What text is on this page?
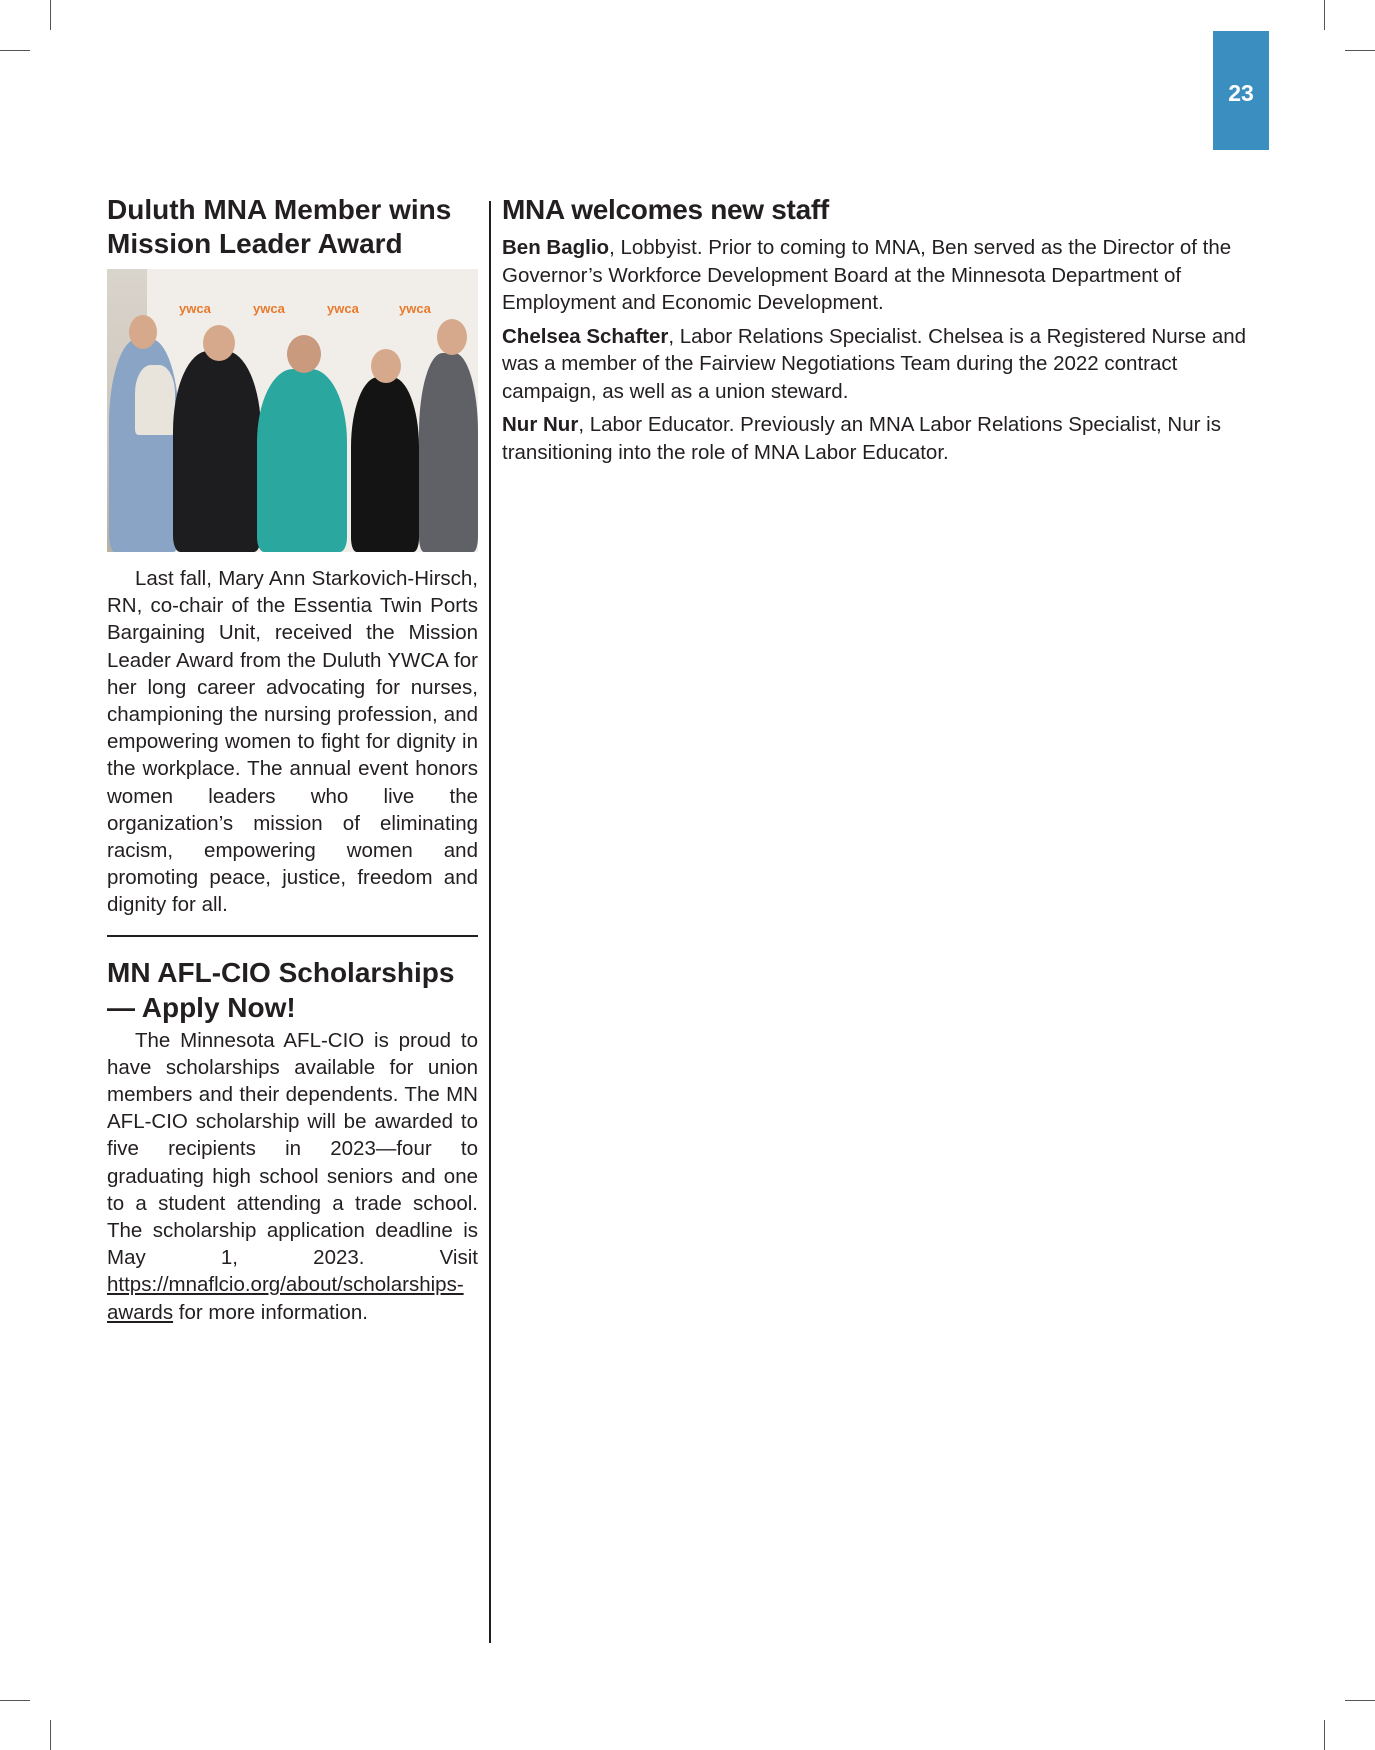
23
Duluth MNA Member wins Mission Leader Award
ywca	ywca	ywca	ywca

Last fall, Mary Ann Starkovich-Hirsch, RN, co-chair of the Essentia Twin Ports Bargaining Unit, received the Mission Leader Award from the Duluth YWCA for her long career advocating for nurses, championing the nursing profession, and empowering women to fight for dignity in the workplace. The annual event honors women leaders who live the organization’s mission of eliminating racism, empowering women and promoting peace, justice, freedom and dignity for all.

MN AFL-CIO Scholarships — Apply Now!

The Minnesota AFL-CIO is proud to have scholarships available for union members and their dependents. The MN AFL-CIO scholarship will be awarded to five recipients in 2023—four to graduating high school seniors and one to a student attending a trade school. The scholarship application deadline is May 1, 2023. Visit https://mnaflcio.org/about/scholarships-awards for more information.

MNA welcomes new staff

Ben Baglio, Lobbyist. Prior to coming to MNA, Ben served as the Director of the Governor’s Workforce Development Board at the Minnesota Department of Employment and Economic Development.

Chelsea Schafter, Labor Relations Specialist. Chelsea is a Registered Nurse and was a member of the Fairview Negotiations Team during the 2022 contract campaign, as well as a union steward.

Nur Nur, Labor Educator. Previously an MNA Labor Relations Specialist, Nur is transitioning into the role of MNA Labor Educator.
